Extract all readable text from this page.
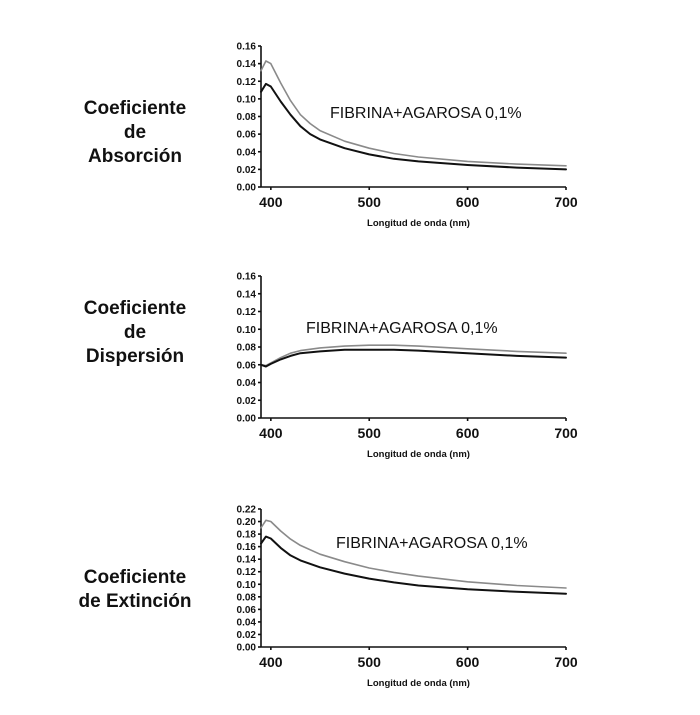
Coeficiente
de
Absorción
Coeficiente
de
Dispersión
Coeficiente
de Extinción
0.00
0.02
0.04
0.06
0.08
0.10
0.12
0.14
0.16
400	500	600	700
Longitud de onda (nm)
FIBRINA+AGAROSA 0,1%
0.00
0.02
0.04
0.06
0.08
0.10
0.12
0.14
0.16
400	500	600	700
Longitud de onda (nm)
FIBRINA+AGAROSA 0,1%
0.00
0.02
0.04
0.06
0.08
0.10
0.12
0.14
0.16
0.18
0.20
0.22
400	500	600	700
Longitud de onda (nm)
FIBRINA+AGAROSA 0,1%
